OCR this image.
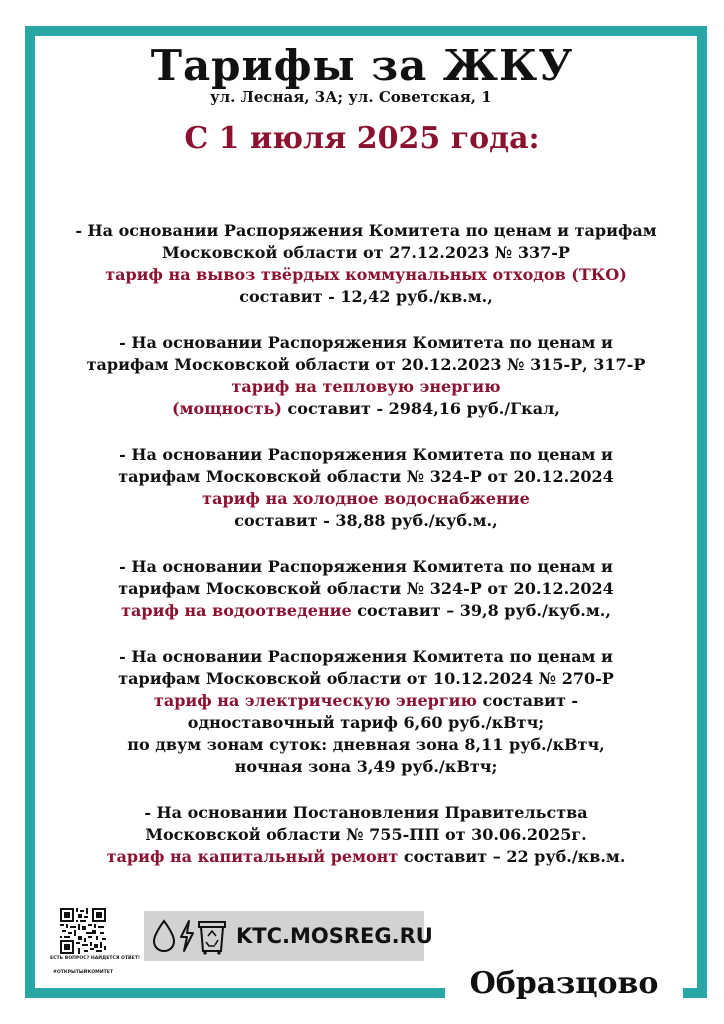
Тарифы за ЖКУ
ул. Лесная, 3А; ул. Советская, 1
С 1 июля 2025 года:
- На основании Распоряжения Комитета по ценам и тарифам
Московской области от 27.12.2023 № 337-Р
тариф на вывоз твёрдых коммунальных отходов (ТКО)
составит - 12,42 руб./кв.м.,
- На основании Распоряжения Комитета по ценам и
тарифам Московской области от 20.12.2023 № 315-Р, 317-Р
тариф на тепловую энергию
(мощность) составит - 2984,16 руб./Гкал,
- На основании Распоряжения Комитета по ценам и
тарифам Московской области № 324-Р от 20.12.2024
тариф на холодное водоснабжение
составит - 38,88 руб./куб.м.,
- На основании Распоряжения Комитета по ценам и
тарифам Московской области № 324-Р от 20.12.2024
тариф на водоотведение составит – 39,8 руб./куб.м.,
- На основании Распоряжения Комитета по ценам и
тарифам Московской области от 10.12.2024 № 270-Р
тариф на электрическую энергию составит -
одноставочный тариф 6,60 руб./кВтч;
по двум зонам суток: дневная зона 8,11 руб./кВтч,
ночная зона 3,49 руб./кВтч;
- На основании Постановления Правительства
Московской области № 755-ПП от 30.06.2025г.
тариф на капитальный ремонт составит – 22 руб./кв.м.
ЕСТЬ ВОПРОС? НАЙДЕТСЯ ОТВЕТ!
#ОТКРЫТЫЙКОМИТЕТ
KTC.MOSREG.RU
Образцово
